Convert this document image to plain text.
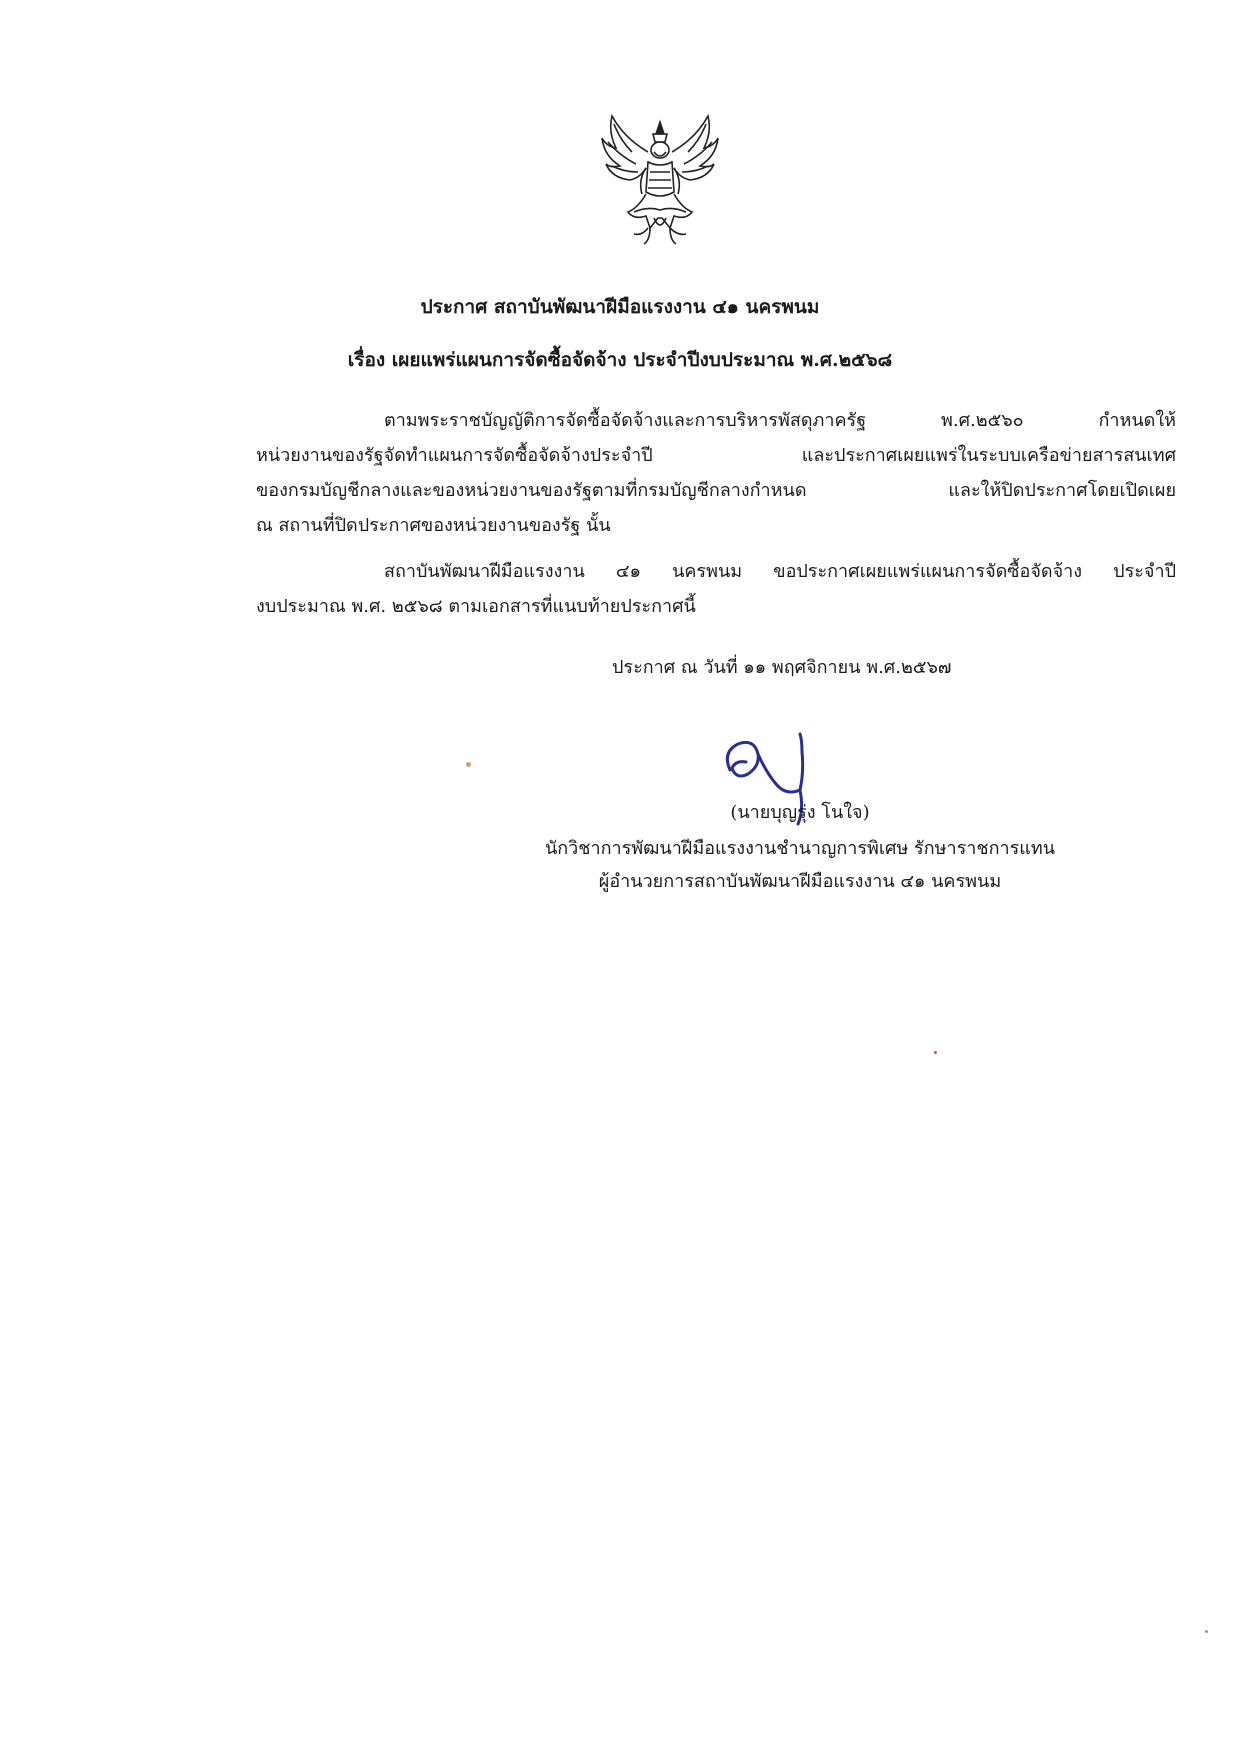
ประกาศ สถาบันพัฒนาฝีมือแรงงาน ๔๑ นครพนม
เรื่อง เผยแพร่แผนการจัดซื้อจัดจ้าง ประจำปีงบประมาณ พ.ศ.๒๕๖๘
ตามพระราชบัญญัติการจัดซื้อจัดจ้างและการบริหารพัสดุภาครัฐ พ.ศ.๒๕๖๐ กำหนดให้
หน่วยงานของรัฐจัดทำแผนการจัดซื้อจัดจ้างประจำปี และประกาศเผยแพร่ในระบบเครือข่ายสารสนเทศ
ของกรมบัญชีกลางและของหน่วยงานของรัฐตามที่กรมบัญชีกลางกำหนด และให้ปิดประกาศโดยเปิดเผย
ณ สถานที่ปิดประกาศของหน่วยงานของรัฐ นั้น
สถาบันพัฒนาฝีมือแรงงาน ๔๑ นครพนม ขอประกาศเผยแพร่แผนการจัดซื้อจัดจ้าง ประจำปี
งบประมาณ พ.ศ. ๒๕๖๘ ตามเอกสารที่แนบท้ายประกาศนี้
ประกาศ ณ วันที่ ๑๑ พฤศจิกายน พ.ศ.๒๕๖๗
(นายบุญรุ่ง โนใจ)
นักวิชาการพัฒนาฝีมือแรงงานชำนาญการพิเศษ รักษาราชการแทน
ผู้อำนวยการสถาบันพัฒนาฝีมือแรงงาน ๔๑ นครพนม
